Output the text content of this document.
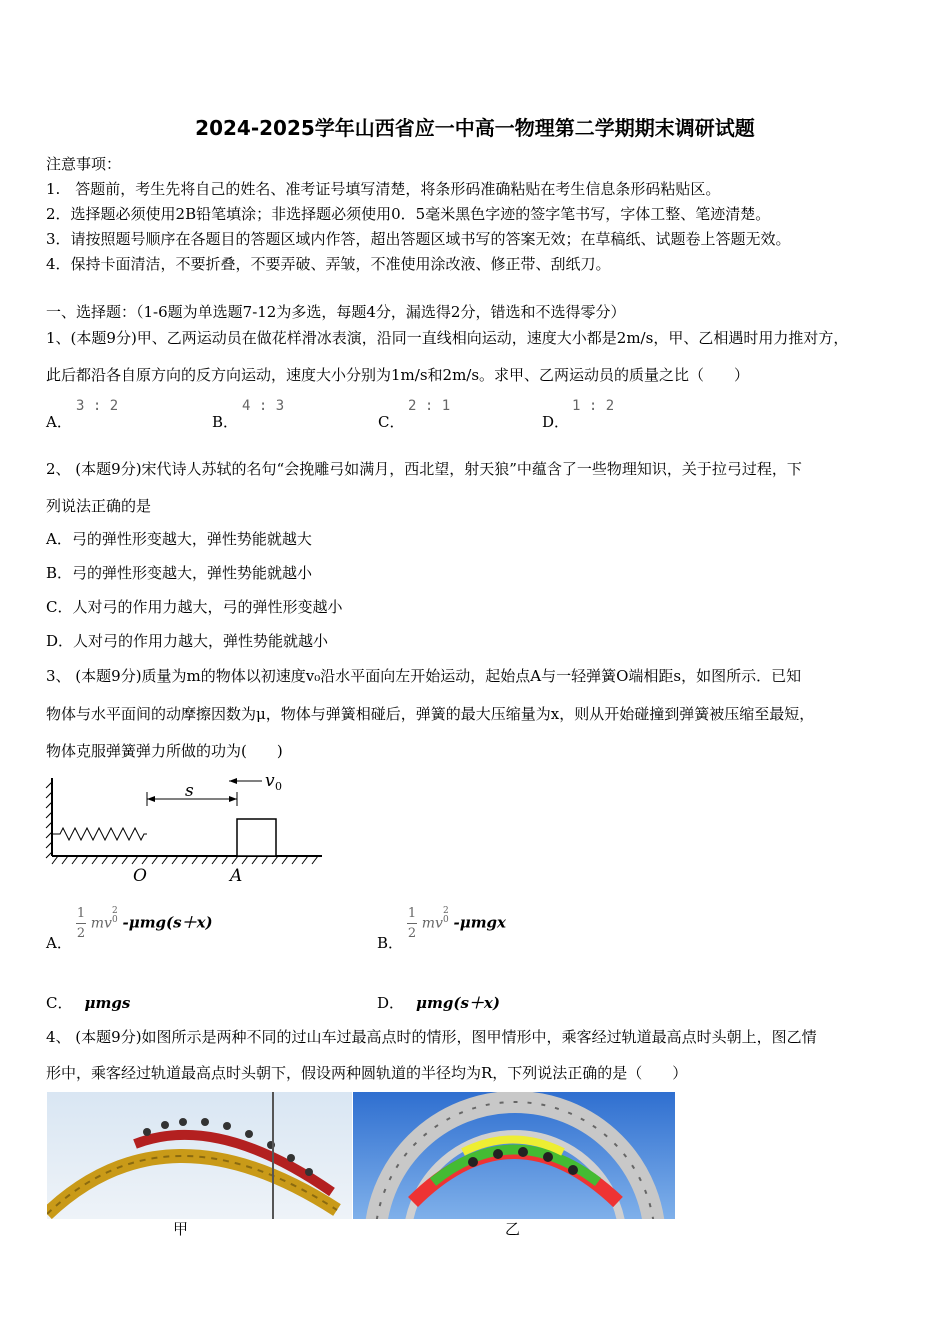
2024-2025学年山西省应一中高一物理第二学期期末调研试题
注意事项：
1.　答题前，考生先将自己的姓名、准考证号填写清楚，将条形码准确粘贴在考生信息条形码粘贴区。
2．选择题必须使用2B铅笔填涂；非选择题必须使用0．5毫米黑色字迹的签字笔书写，字体工整、笔迹清楚。
3．请按照题号顺序在各题目的答题区域内作答，超出答题区域书写的答案无效；在草稿纸、试题卷上答题无效。
4．保持卡面清洁，不要折叠，不要弄破、弄皱，不准使用涂改液、修正带、刮纸刀。
一、选择题：（1-6题为单选题7-12为多选，每题4分，漏选得2分，错选和不选得零分）
1、(本题9分)甲、乙两运动员在做花样滑冰表演，沿同一直线相向运动，速度大小都是2m/s，甲、乙相遇时用力推对方，
此后都沿各自原方向的反方向运动，速度大小分别为1m/s和2m/s。求甲、乙两运动员的质量之比（　　）
A．
3 : 2
B．
4 : 3
C．
2 : 1
D．
1 : 2
2、 (本题9分)宋代诗人苏轼的名句“会挽雕弓如满月，西北望，射天狼”中蕴含了一些物理知识，关于拉弓过程，下
列说法正确的是
A．弓的弹性形变越大，弹性势能就越大
B．弓的弹性形变越大，弹性势能就越小
C．人对弓的作用力越大，弓的弹性形变越小
D．人对弓的作用力越大，弹性势能就越小
3、 (本题9分)质量为m的物体以初速度v₀沿水平面向左开始运动，起始点A与一轻弹簧O端相距s，如图所示．已知
物体与水平面间的动摩擦因数为μ，物体与弹簧相碰后，弹簧的最大压缩量为x，则从开始碰撞到弹簧被压缩至最短，
物体克服弹簧弹力所做的功为(　　)
s	v 0
O	A
A．
$\frac{1}{2} mv2$
0 -μmg(s＋x)
B．
$\frac{1}{2} mv2$
0 -μmgx
C． μmgs	D． μmg(s＋x)
4、 (本题9分)如图所示是两种不同的过山车过最高点时的情形，图甲情形中，乘客经过轨道最高点时头朝上，图乙情
形中，乘客经过轨道最高点时头朝下，假设两种圆轨道的半径均为R，下列说法正确的是（　　）
甲	乙
